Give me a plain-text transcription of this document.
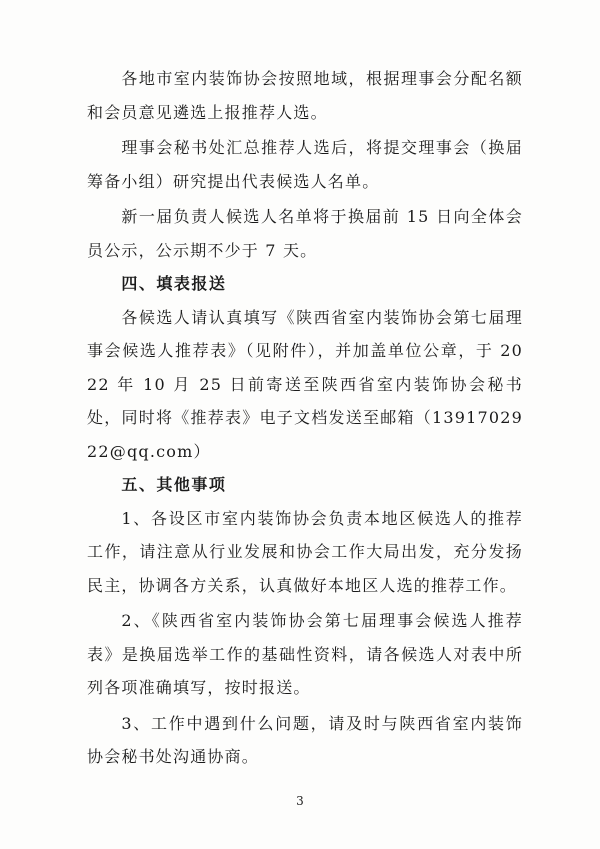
各地市室内装饰协会按照地域，根据理事会分配名额和会员意见遴选上报推荐人选。

理事会秘书处汇总推荐人选后，将提交理事会（换届筹备小组）研究提出代表候选人名单。

新一届负责人候选人名单将于换届前 15 日向全体会员公示，公示期不少于 7 天。

四、填表报送

各候选人请认真填写《陕西省室内装饰协会第七届理事会候选人推荐表》（见附件），并加盖单位公章，于 2022 年 10 月 25 日前寄送至陕西省室内装饰协会秘书处，同时将《推荐表》电子文档发送至邮箱（1391702922@qq.com）

五、其他事项

1、各设区市室内装饰协会负责本地区候选人的推荐工作，请注意从行业发展和协会工作大局出发，充分发扬民主，协调各方关系，认真做好本地区人选的推荐工作。

2、《陕西省室内装饰协会第七届理事会候选人推荐表》是换届选举工作的基础性资料，请各候选人对表中所列各项准确填写，按时报送。

3、工作中遇到什么问题，请及时与陕西省室内装饰协会秘书处沟通协商。

3
